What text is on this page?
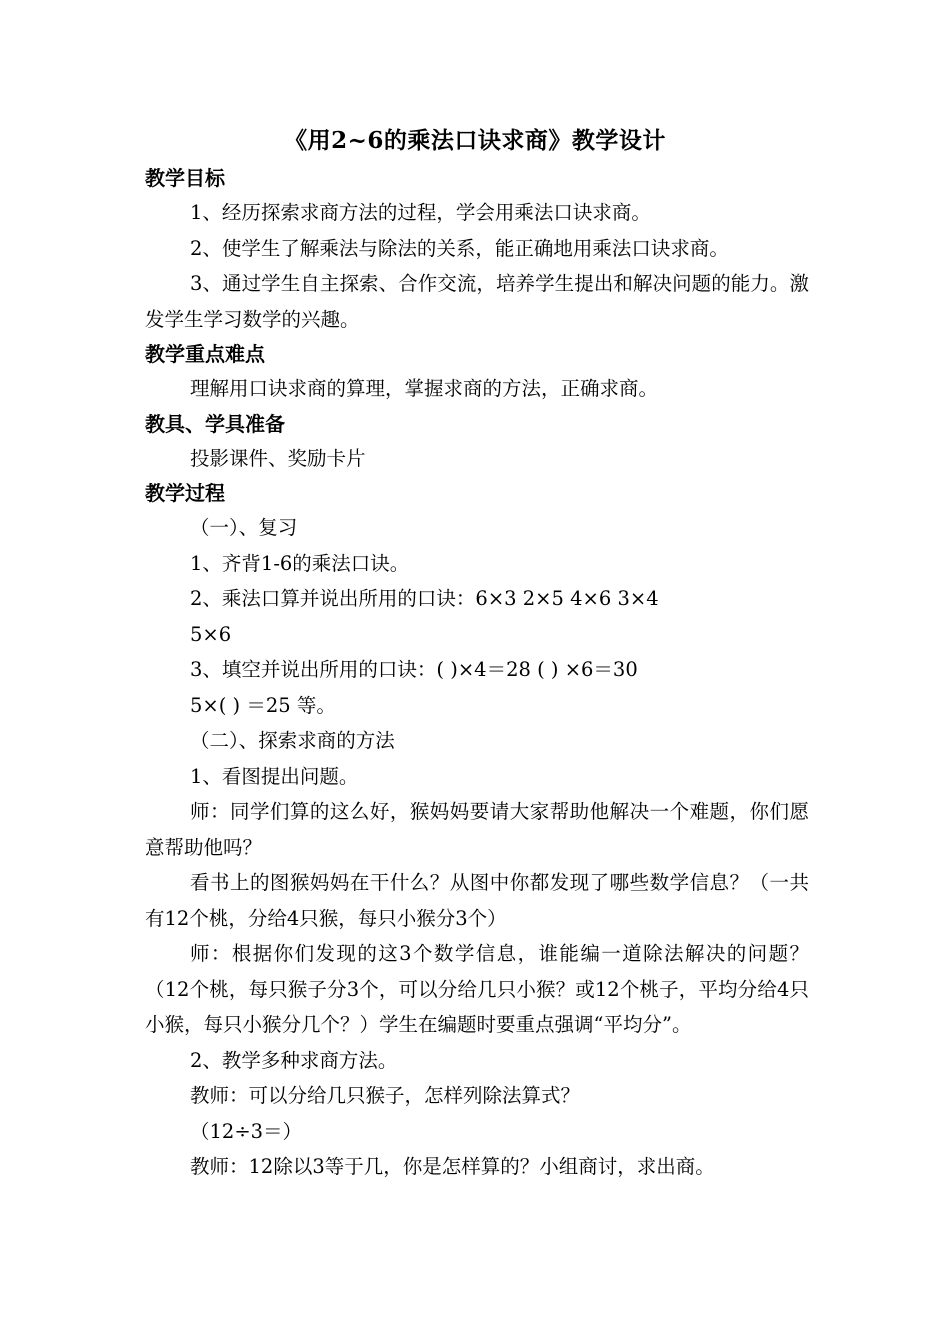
《用2~6的乘法口诀求商》教学设计
教学目标
1、经历探索求商方法的过程，学会用乘法口诀求商。
2、使学生了解乘法与除法的关系，能正确地用乘法口诀求商。
3、通过学生自主探索、合作交流，培养学生提出和解决问题的能力。激发学生学习数学的兴趣。
教学重点难点
理解用口诀求商的算理，掌握求商的方法，正确求商。
教具、学具准备
投影课件、奖励卡片
教学过程
（一）、复习
1、齐背1-6的乘法口诀。
2、乘法口算并说出所用的口诀：6×3 2×5 4×6 3×4
5×6
3、填空并说出所用的口诀：( )×4＝28 ( ) ×6＝30
5×( ) ＝25 等。
（二）、探索求商的方法
1、看图提出问题。
师：同学们算的这么好，猴妈妈要请大家帮助他解决一个难题，你们愿意帮助他吗？
看书上的图猴妈妈在干什么？从图中你都发现了哪些数学信息？（一共有12个桃，分给4只猴，每只小猴分3个）
师：根据你们发现的这3个数学信息，谁能编一道除法解决的问题？（12个桃，每只猴子分3个，可以分给几只小猴？或12个桃子，平均分给4只小猴，每只小猴分几个？）学生在编题时要重点强调“平均分”。
2、教学多种求商方法。
教师：可以分给几只猴子，怎样列除法算式？
（12÷3＝）
教师：12除以3等于几，你是怎样算的？小组商讨，求出商。
